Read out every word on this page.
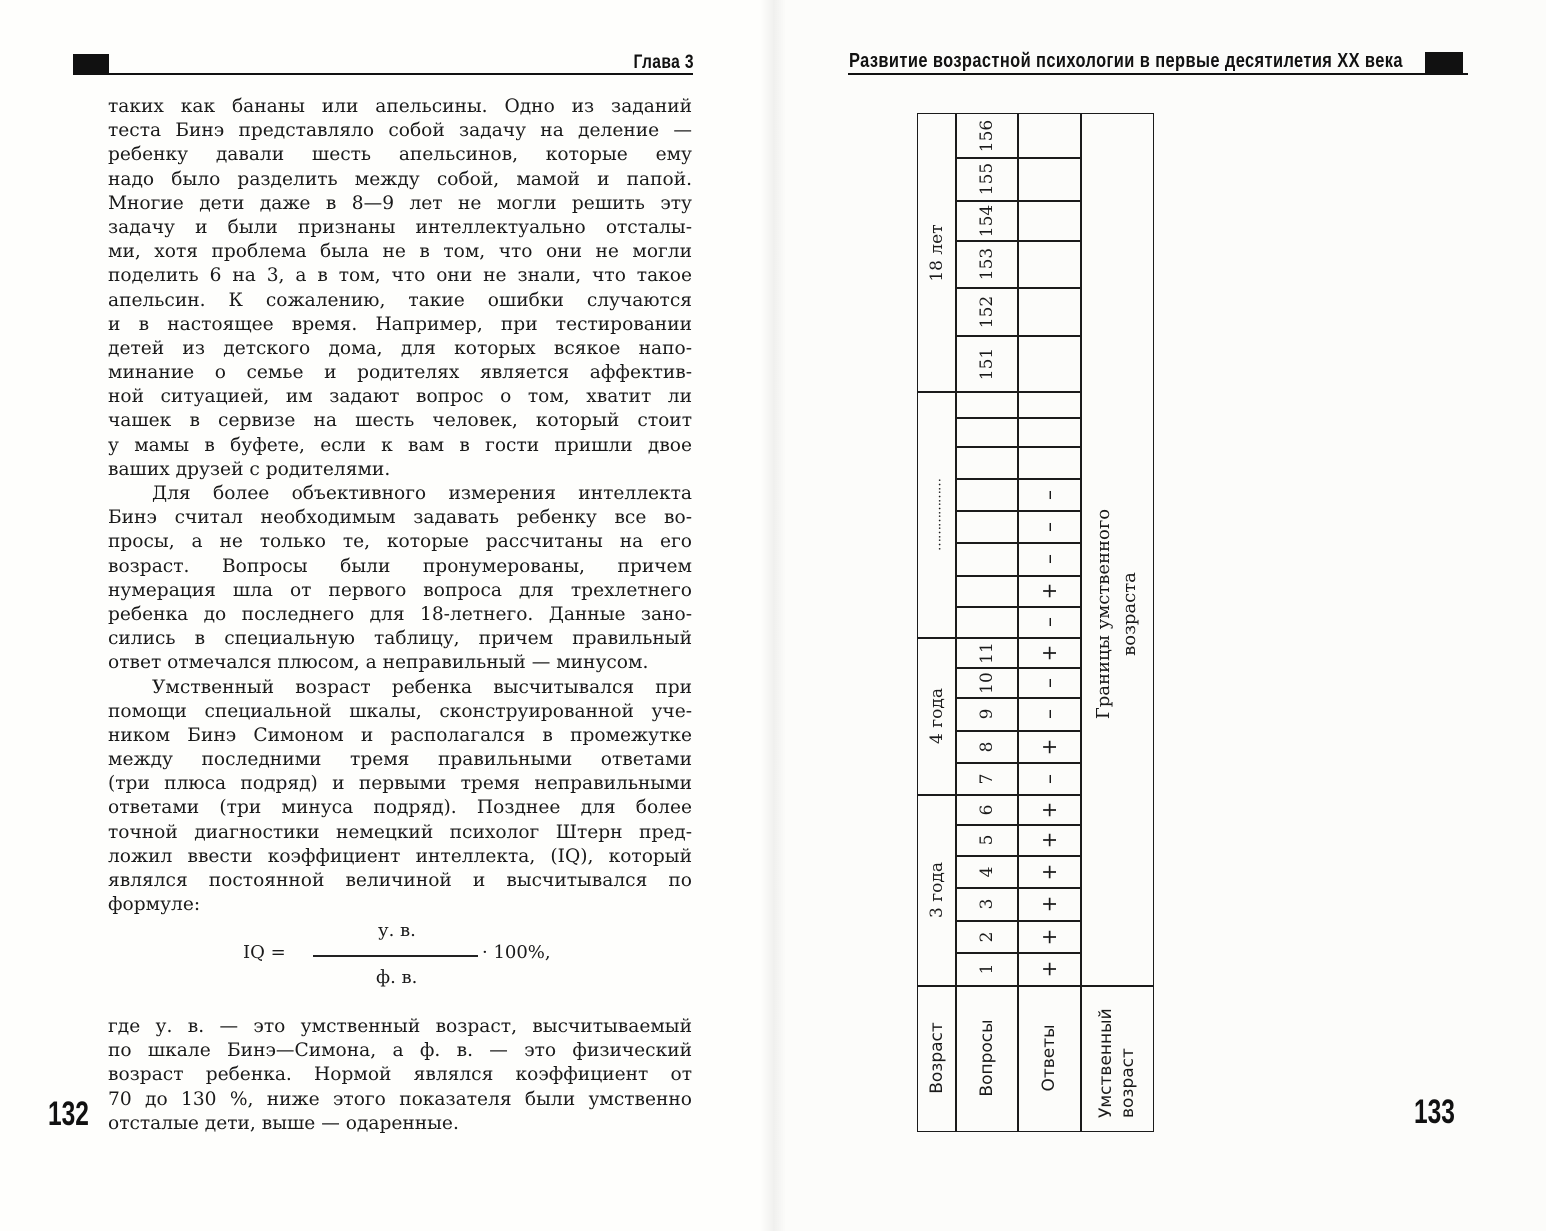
Глава 3

таких как бананы или апельсины. Одно из заданий
теста Бинэ представляло собой задачу на деление —
ребенку давали шесть апельсинов, которые ему
надо было разделить между собой, мамой и папой.
Многие дети даже в 8—9 лет не могли решить эту
задачу и были признаны интеллектуально отсталы-
ми, хотя проблема была не в том, что они не могли
поделить 6 на 3, а в том, что они не знали, что такое
апельсин. К сожалению, такие ошибки случаются
и в настоящее время. Например, при тестировании
детей из детского дома, для которых всякое напо-
минание о семье и родителях является аффектив-
ной ситуацией, им задают вопрос о том, хватит ли
чашек в сервизе на шесть человек, который стоит
у мамы в буфете, если к вам в гости пришли двое
ваших друзей с родителями.

Для более объективного измерения интеллекта
Бинэ считал необходимым задавать ребенку все во-
просы, а не только те, которые рассчитаны на его
возраст. Вопросы были пронумерованы, причем
нумерация шла от первого вопроса для трехлетнего
ребенка до последнего для 18-летнего. Данные зано-
сились в специальную таблицу, причем правильный
ответ отмечался плюсом, а неправильный — минусом.

Умственный возраст ребенка высчитывался при
помощи специальной шкалы, сконструированной уче-
ником Бинэ Симоном и располагался в промежутке
между последними тремя правильными ответами
(три плюса подряд) и первыми тремя неправильными
ответами (три минуса подряд). Позднее для более
точной диагностики немецкий психолог Штерн пред-
ложил ввести коэффициент интеллекта, (IQ), который
являлся постоянной величиной и высчитывался по
формуле:

IQ =
у. в.
ф. в.
· 100%,
где у. в. — это умственный возраст, высчитываемый
по шкале Бинэ—Симона, а ф. в. — это физический
возраст ребенка. Нормой являлся коэффициент от
70 до 130 %, ниже этого показателя были умственно
отсталые дети, выше — одаренные.
132
Развитие возрастной психологии в первые десятилетия XX века
133
Возраст Вопросы	Ответы Умственный возраст
3 года
1 +
2 +
3 +
4 +
5 +
6 +
4 года
7 –
8 +
9 –
10 –
11 +
………………
–
+
–
–
–
18 лет
151
152
153
154
155
156
Границы умственного возраста
